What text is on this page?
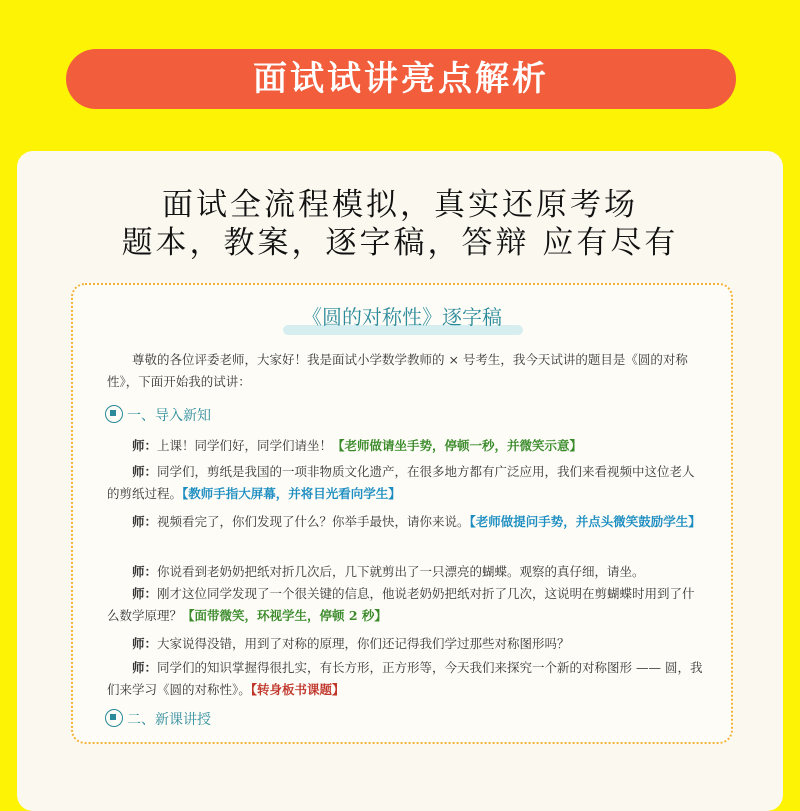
面试试讲亮点解析
面试全流程模拟，真实还原考场
题本，教案，逐字稿，答辩 应有尽有
《圆的对称性》逐字稿
尊敬的各位评委老师，大家好！我是面试小学数学教师的 × 号考生，我今天试讲的题目是《圆的对称性》，下面开始我的试讲：
一、导入新知
师：上课！同学们好，同学们请坐！【老师做请坐手势，停顿一秒，并微笑示意】
师：同学们，剪纸是我国的一项非物质文化遗产，在很多地方都有广泛应用，我们来看视频中这位老人的剪纸过程。【教师手指大屏幕，并将目光看向学生】
师：视频看完了，你们发现了什么？你举手最快，请你来说。【老师做提问手势，并点头微笑鼓励学生】
师：你说看到老奶奶把纸对折几次后，几下就剪出了一只漂亮的蝴蝶。观察的真仔细，请坐。
师：刚才这位同学发现了一个很关键的信息，他说老奶奶把纸对折了几次，这说明在剪蝴蝶时用到了什么数学原理？【面带微笑，环视学生，停顿 2 秒】
师：大家说得没错，用到了对称的原理，你们还记得我们学过那些对称图形吗？
师：同学们的知识掌握得很扎实，有长方形，正方形等，今天我们来探究一个新的对称图形 —— 圆，我们来学习《圆的对称性》。【转身板书课题】
二、新课讲授
